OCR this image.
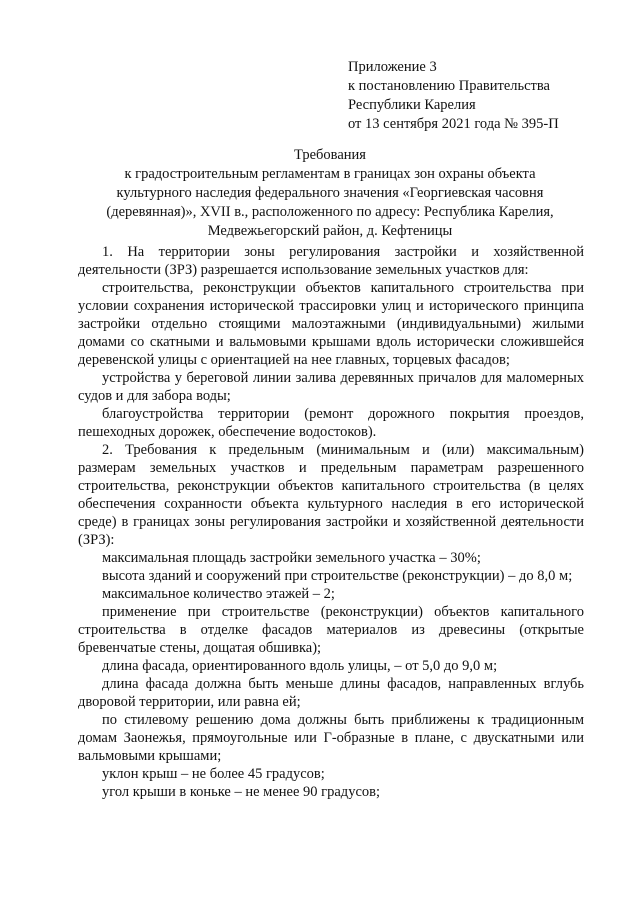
Приложение 3
к постановлению Правительства
Республики Карелия
от 13 сентября 2021 года № 395-П
Требования
к градостроительным регламентам в границах зон охраны объекта
культурного наследия федерального значения «Георгиевская часовня
(деревянная)», XVII в., расположенного по адресу: Республика Карелия,
Медвежьегорский район, д. Кефтеницы

1. На территории зоны регулирования застройки и хозяйственной деятельности (ЗРЗ) разрешается использование земельных участков для:

строительства, реконструкции объектов капитального строительства при условии сохранения исторической трассировки улиц и исторического принципа застройки отдельно стоящими малоэтажными (индивидуальными) жилыми домами со скатными и вальмовыми крышами вдоль исторически сложившейся деревенской улицы с ориентацией на нее главных, торцевых фасадов;

устройства у береговой линии залива деревянных причалов для маломерных судов и для забора воды;

благоустройства территории (ремонт дорожного покрытия проездов, пешеходных дорожек, обеспечение водостоков).

2. Требования к предельным (минимальным и (или) максимальным) размерам земельных участков и предельным параметрам разрешенного строительства, реконструкции объектов капитального строительства (в целях обеспечения сохранности объекта культурного наследия в его исторической среде) в границах зоны регулирования застройки и хозяйственной деятельности (ЗРЗ):

максимальная площадь застройки земельного участка – 30%;

высота зданий и сооружений при строительстве (реконструкции) – до 8,0 м;

максимальное количество этажей – 2;

применение при строительстве (реконструкции) объектов капитального строительства в отделке фасадов материалов из древесины (открытые бревенчатые стены, дощатая обшивка);

длина фасада, ориентированного вдоль улицы, – от 5,0 до 9,0 м;

длина фасада должна быть меньше длины фасадов, направленных вглубь дворовой территории, или равна ей;

по стилевому решению дома должны быть приближены к традиционным домам Заонежья, прямоугольные или Г-образные в плане, с двускатными или вальмовыми крышами;

уклон крыш – не более 45 градусов;

угол крыши в коньке – не менее 90 градусов;
